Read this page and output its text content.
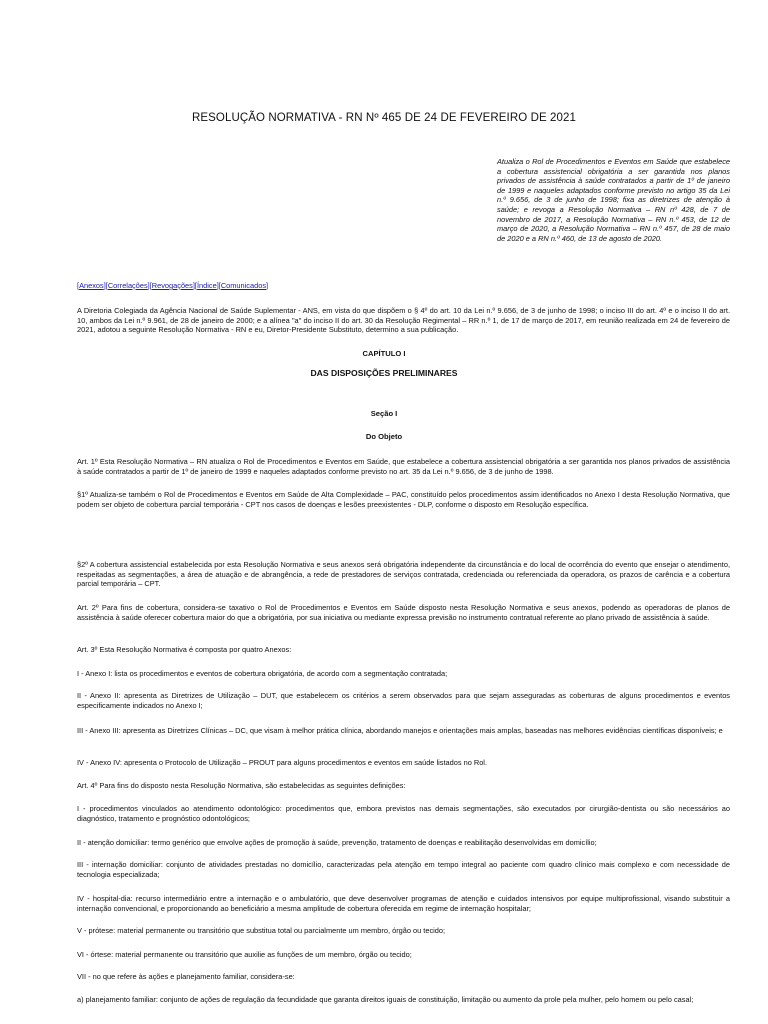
RESOLUÇÃO NORMATIVA - RN Nº 465 DE 24 DE FEVEREIRO DE 2021
Atualiza o Rol de Procedimentos e Eventos em Saúde que estabelece a cobertura assistencial obrigatória a ser garantida nos planos privados de assistência à saúde contratados a partir de 1º de janeiro de 1999 e naqueles adaptados conforme previsto no artigo 35 da Lei n.º 9.656, de 3 de junho de 1998; fixa as diretrizes de atenção à saúde; e revoga a Resolução Normativa – RN nº 428, de 7 de novembro de 2017, a Resolução Normativa – RN n.º 453, de 12 de março de 2020, a Resolução Normativa – RN n.º 457, de 28 de maio de 2020 e a RN n.º 460, de 13 de agosto de 2020.
[Anexos][Correlações][Revogações][Índice][Comunicados]
A Diretoria Colegiada da Agência Nacional de Saúde Suplementar - ANS, em vista do que dispõem o § 4º do art. 10 da Lei n.º 9.656, de 3 de junho de 1998; o inciso III do art. 4º e o inciso II do art. 10, ambos da Lei n.º 9.961, de 28 de janeiro de 2000; e a alínea "a" do inciso II do art. 30 da Resolução Regimental – RR n.º 1, de 17 de março de 2017, em reunião realizada em 24 de fevereiro de 2021, adotou a seguinte Resolução Normativa - RN e eu, Diretor-Presidente Substituto, determino a sua publicação.
CAPÍTULO I
DAS DISPOSIÇÕES PRELIMINARES
Seção I
Do Objeto
Art. 1º Esta Resolução Normativa – RN atualiza o Rol de Procedimentos e Eventos em Saúde, que estabelece a cobertura assistencial obrigatória a ser garantida nos planos privados de assistência à saúde contratados a partir de 1º de janeiro de 1999 e naqueles adaptados conforme previsto no art. 35 da Lei n.º 9.656, de 3 de junho de 1998.
§1º Atualiza-se também o Rol de Procedimentos e Eventos em Saúde de Alta Complexidade – PAC, constituído pelos procedimentos assim identificados no Anexo I desta Resolução Normativa, que podem ser objeto de cobertura parcial temporária - CPT nos casos de doenças e lesões preexistentes - DLP, conforme o disposto em Resolução específica.
§2º A cobertura assistencial estabelecida por esta Resolução Normativa e seus anexos será obrigatória independente da circunstância e do local de ocorrência do evento que ensejar o atendimento, respeitadas as segmentações, a área de atuação e de abrangência, a rede de prestadores de serviços contratada, credenciada ou referenciada da operadora, os prazos de carência e a cobertura parcial temporária – CPT.
Art. 2º Para fins de cobertura, considera-se taxativo o Rol de Procedimentos e Eventos em Saúde disposto nesta Resolução Normativa e seus anexos, podendo as operadoras de planos de assistência à saúde oferecer cobertura maior do que a obrigatória, por sua iniciativa ou mediante expressa previsão no instrumento contratual referente ao plano privado de assistência à saúde.
Art. 3º Esta Resolução Normativa é composta por quatro Anexos:
I - Anexo I: lista os procedimentos e eventos de cobertura obrigatória, de acordo com a segmentação contratada;
II - Anexo II: apresenta as Diretrizes de Utilização – DUT, que estabelecem os critérios a serem observados para que sejam asseguradas as coberturas de alguns procedimentos e eventos especificamente indicados no Anexo I;
III - Anexo III: apresenta as Diretrizes Clínicas – DC, que visam à melhor prática clínica, abordando manejos e orientações mais amplas, baseadas nas melhores evidências científicas disponíveis; e
IV - Anexo IV: apresenta o Protocolo de Utilização – PROUT para alguns procedimentos e eventos em saúde listados no Rol.
Art. 4º Para fins do disposto nesta Resolução Normativa, são estabelecidas as seguintes definições:
I - procedimentos vinculados ao atendimento odontológico: procedimentos que, embora previstos nas demais segmentações, são executados por cirurgião-dentista ou são necessários ao diagnóstico, tratamento e prognóstico odontológicos;
II - atenção domiciliar: termo genérico que envolve ações de promoção à saúde, prevenção, tratamento de doenças e reabilitação desenvolvidas em domicílio;
III - internação domiciliar: conjunto de atividades prestadas no domicílio, caracterizadas pela atenção em tempo integral ao paciente com quadro clínico mais complexo e com necessidade de tecnologia especializada;
IV - hospital-dia: recurso intermediário entre a internação e o ambulatório, que deve desenvolver programas de atenção e cuidados intensivos por equipe multiprofissional, visando substituir a internação convencional, e proporcionando ao beneficiário a mesma amplitude de cobertura oferecida em regime de internação hospitalar;
V - prótese: material permanente ou transitório que substitua total ou parcialmente um membro, órgão ou tecido;
VI - órtese: material permanente ou transitório que auxilie as funções de um membro, órgão ou tecido;
VII - no que refere às ações e planejamento familiar, considera-se:
a) planejamento familiar: conjunto de ações de regulação da fecundidade que garanta direitos iguais de constituição, limitação ou aumento da prole pela mulher, pelo homem ou pelo casal;
